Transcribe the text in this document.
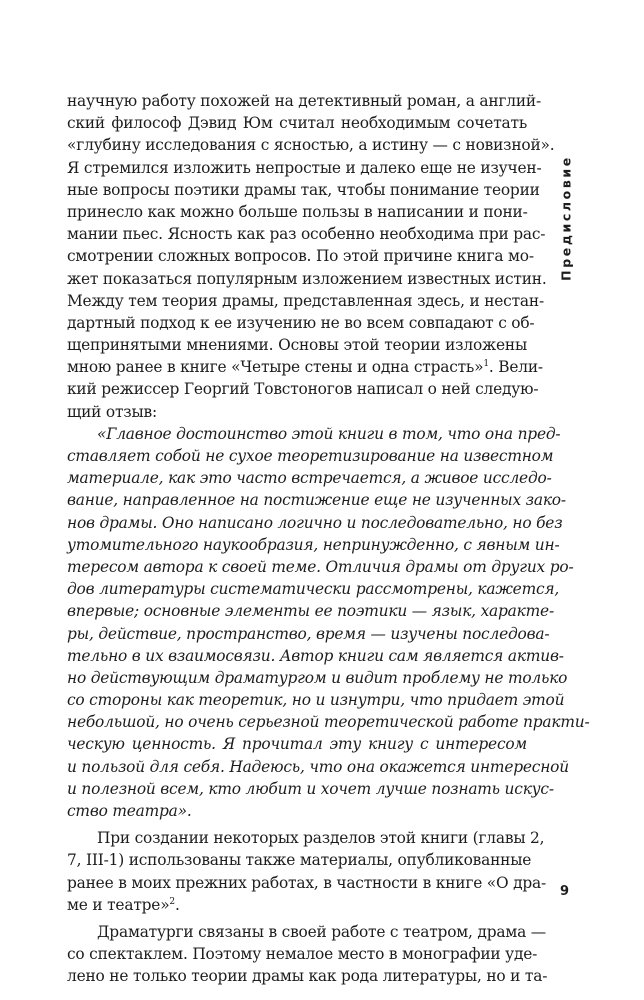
Предисловие
научную работу похожей на детективный роман, а англий-
ский философ Дэвид Юм считал необходимым сочетать
«глубину исследования с ясностью, а истину — с новизной».
Я стремился изложить непростые и далеко еще не изучен-
ные вопросы поэтики драмы так, чтобы понимание теории
принесло как можно больше пользы в написании и пони-
мании пьес. Ясность как раз особенно необходима при рас-
смотрении сложных вопросов. По этой причине книга мо-
жет показаться популярным изложением известных истин.
Между тем теория драмы, представленная здесь, и нестан-
дартный подход к ее изучению не во всем совпадают с об-
щепринятыми мнениями. Основы этой теории изложены
мною ранее в книге «Четыре стены и одна страсть»$^1$. Вели-
кий режиссер Георгий Товстоногов написал о ней следую-
щий отзыв:
«Главное достоинство этой книги в том, что она пред-
ставляет собой не сухое теоретизирование на известном
материале, как это часто встречается, а живое исследо-
вание, направленное на постижение еще не изученных зако-
нов драмы. Оно написано логично и последовательно, но без
утомительного наукообразия, непринужденно, с явным ин-
тересом автора к своей теме. Отличия драмы от других ро-
дов литературы систематически рассмотрены, кажется,
впервые; основные элементы ее поэтики — язык, характе-
ры, действие, пространство, время — изучены последова-
тельно в их взаимосвязи. Автор книги сам является актив-
но действующим драматургом и видит проблему не только
со стороны как теоретик, но и изнутри, что придает этой
небольшой, но очень серьезной теоретической работе практи-
ческую ценность. Я прочитал эту книгу с интересом
и пользой для себя. Надеюсь, что она окажется интересной
и полезной всем, кто любит и хочет лучше познать искус-
ство театра».
При создании некоторых разделов этой книги (главы 2,
7, III-1) использованы также материалы, опубликованные
ранее в моих прежних работах, в частности в книге «О дра-
ме и театре»$^2$.
Драматурги связаны в своей работе с театром, драма —
со спектаклем. Поэтому немалое место в монографии уде-
лено не только теории драмы как рода литературы, но и та-
9
